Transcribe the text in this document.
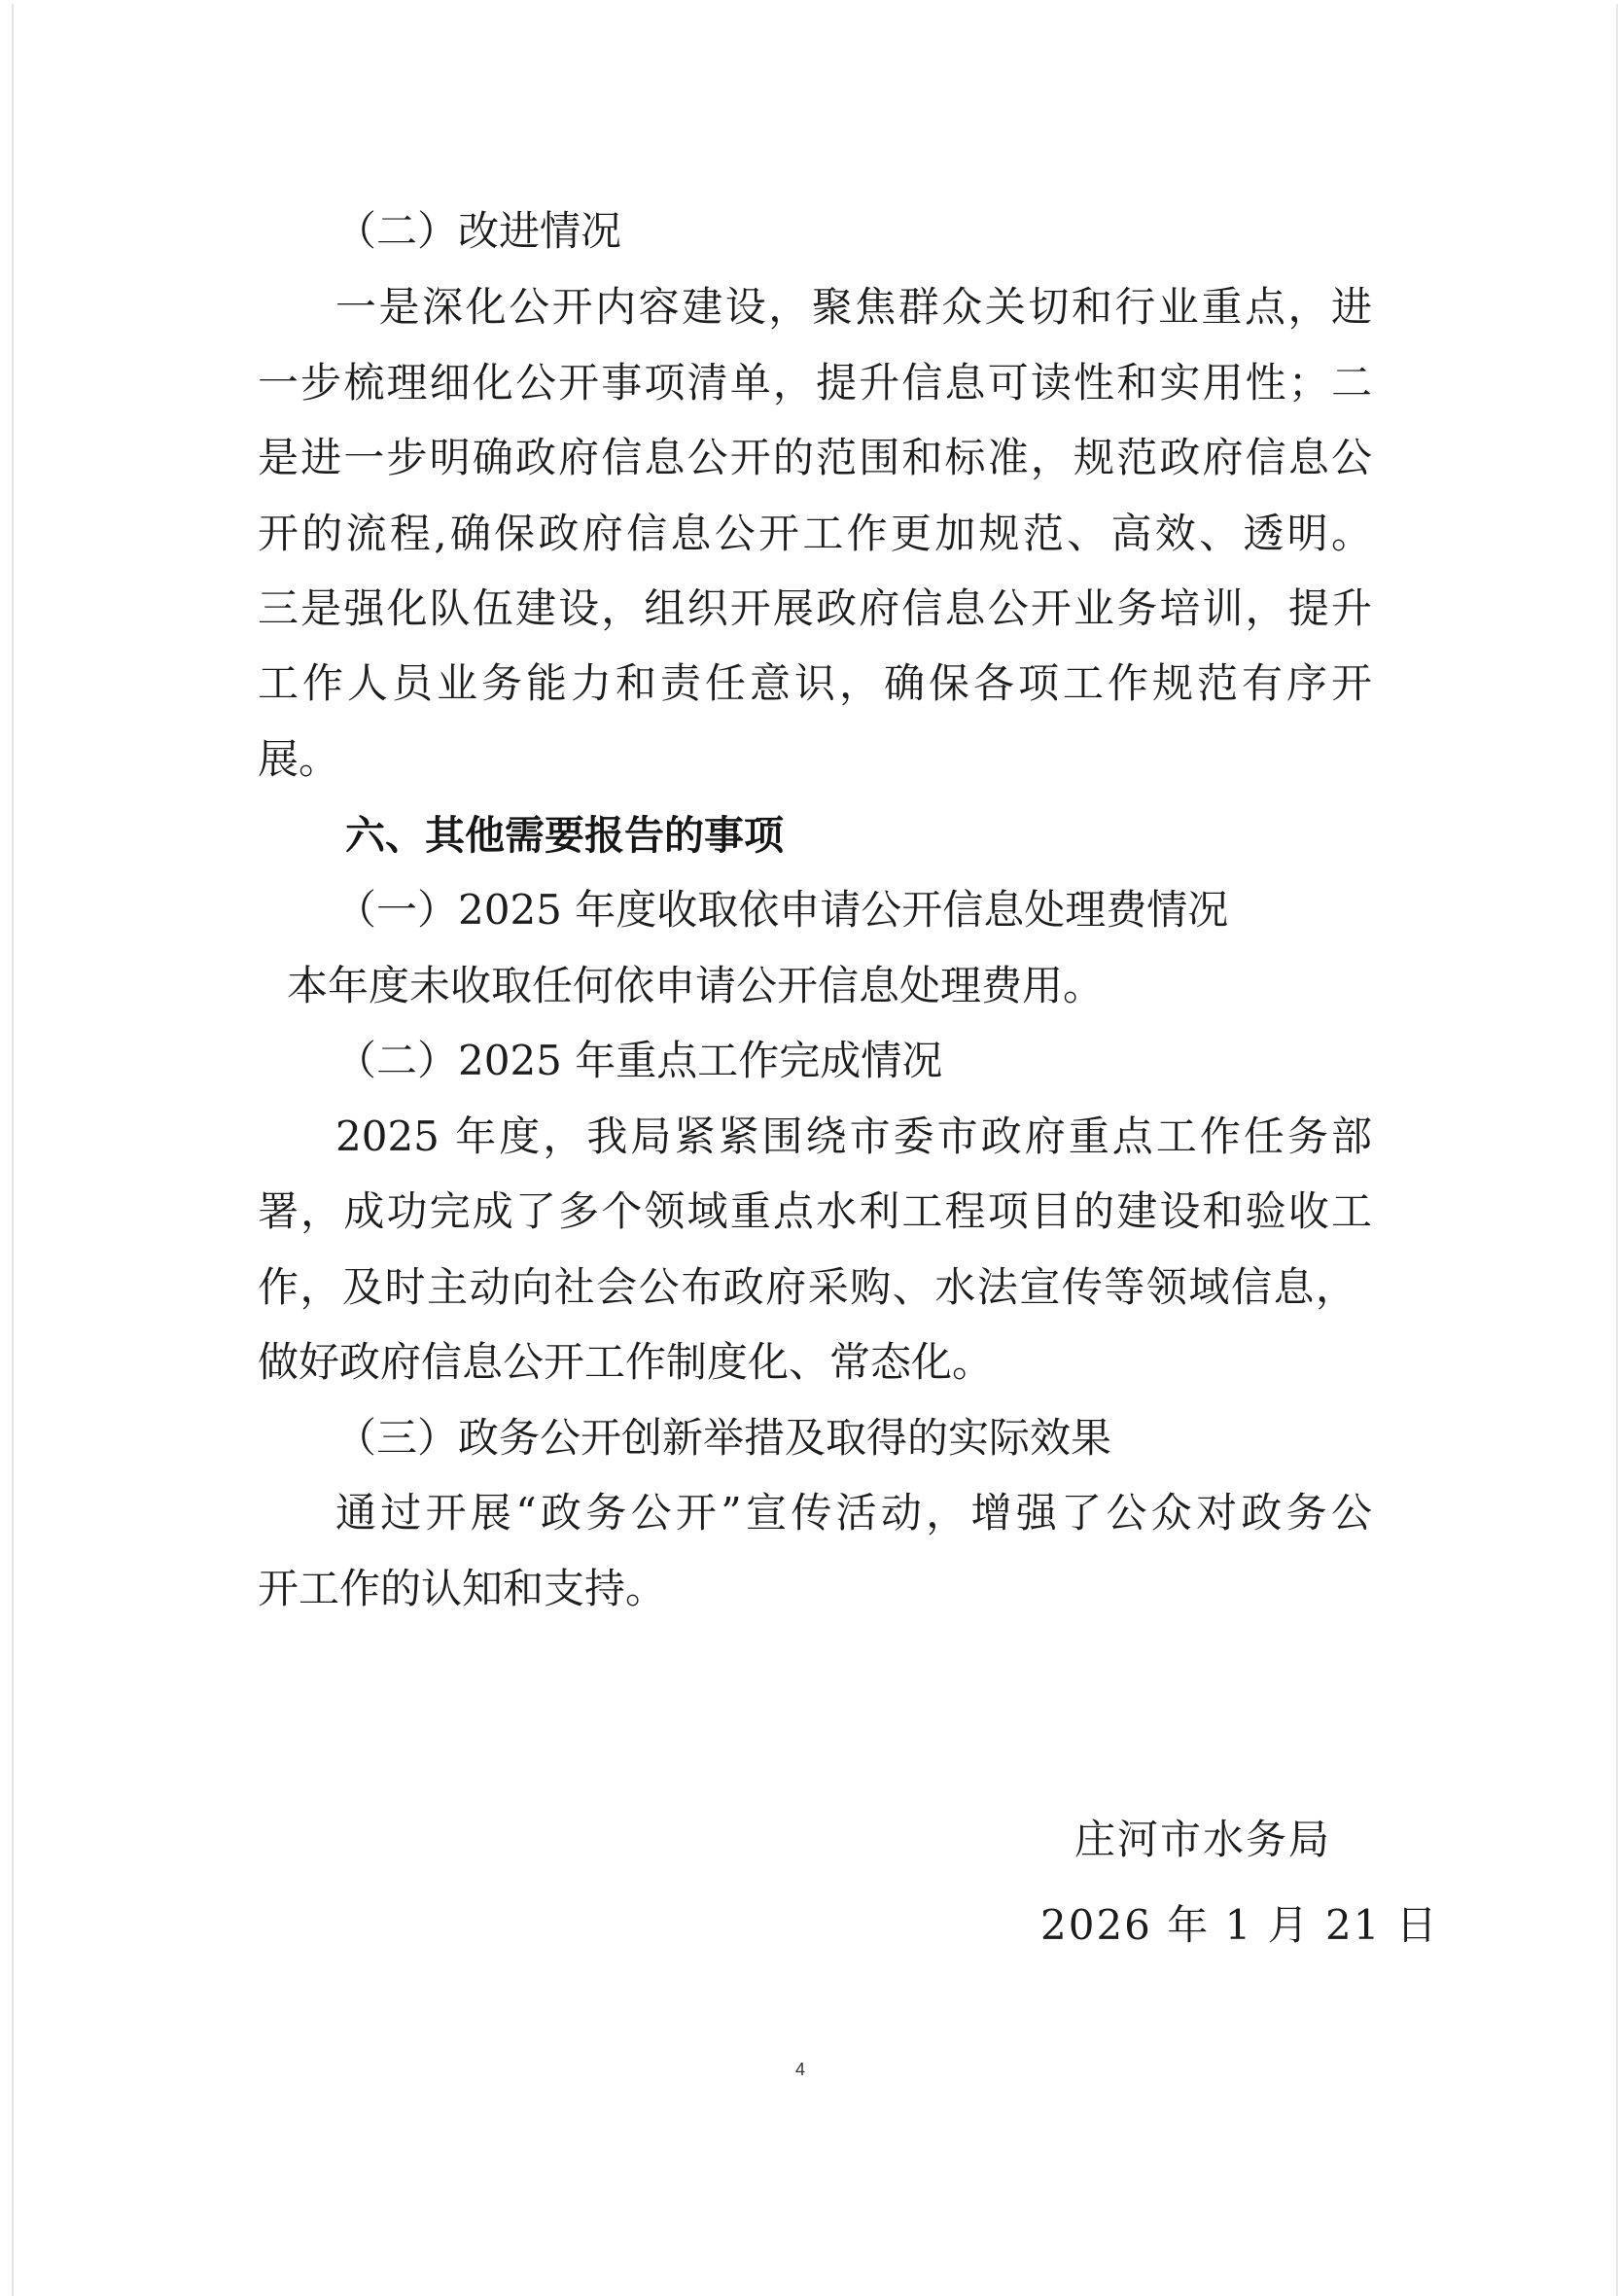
（二）改进情况
一是深化公开内容建设，聚焦群众关切和行业重点，进
一步梳理细化公开事项清单，提升信息可读性和实用性；二
是进一步明确政府信息公开的范围和标准，规范政府信息公
开的流程,确保政府信息公开工作更加规范、高效、透明。
三是强化队伍建设，组织开展政府信息公开业务培训，提升
工作人员业务能力和责任意识，确保各项工作规范有序开
展。
六、其他需要报告的事项
（一）2025 年度收取依申请公开信息处理费情况
本年度未收取任何依申请公开信息处理费用。
（二）2025 年重点工作完成情况
2025 年度，我局紧紧围绕市委市政府重点工作任务部
署，成功完成了多个领域重点水利工程项目的建设和验收工
作，及时主动向社会公布政府采购、水法宣传等领域信息，
做好政府信息公开工作制度化、常态化。
（三）政务公开创新举措及取得的实际效果
通过开展“政务公开”宣传活动，增强了公众对政务公
开工作的认知和支持。
庄河市水务局
2026 年 1 月 21 日
4
